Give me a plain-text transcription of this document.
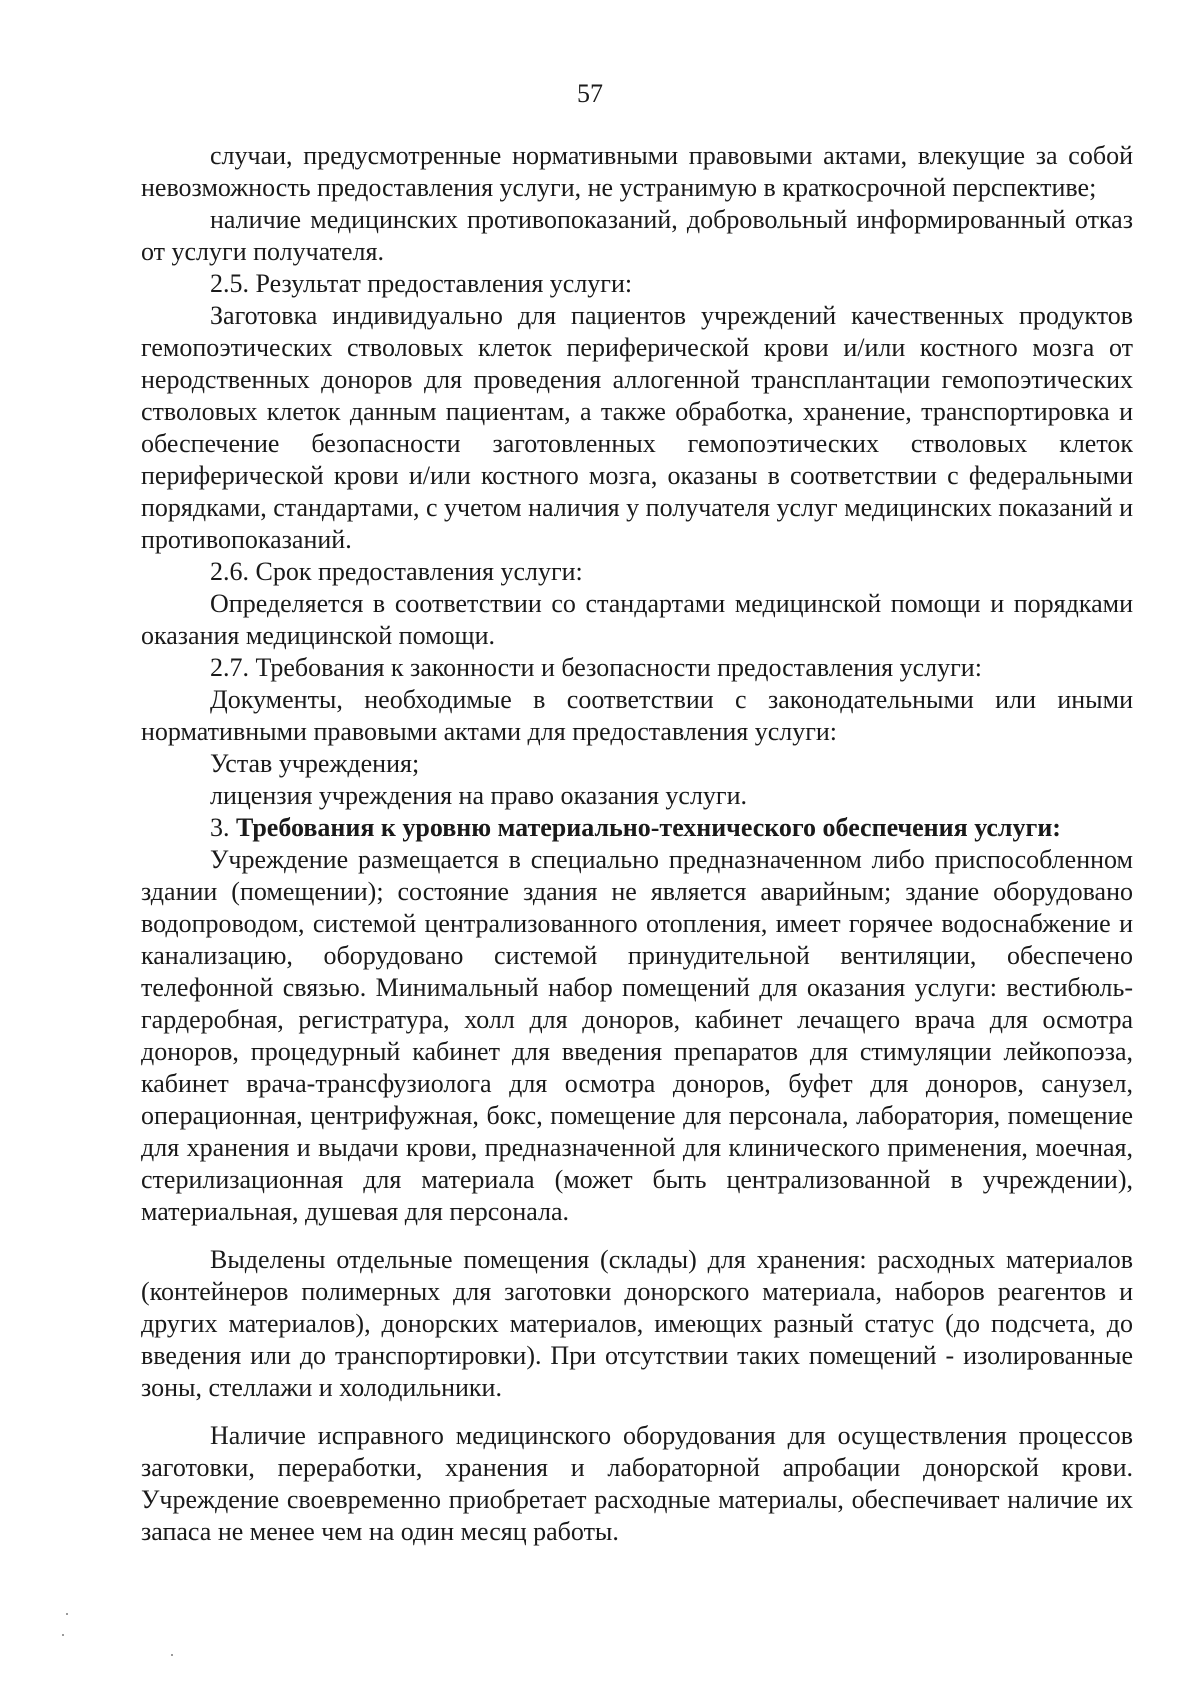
57

случаи, предусмотренные нормативными правовыми актами, влекущие за собой невозможность предоставления услуги, не устранимую в краткосрочной перспективе;

наличие медицинских противопоказаний, добровольный информированный отказ от услуги получателя.

2.5. Результат предоставления услуги:

Заготовка индивидуально для пациентов учреждений качественных продуктов гемопоэтических стволовых клеток периферической крови и/или костного мозга от неродственных доноров для проведения аллогенной трансплантации гемопоэтических стволовых клеток данным пациентам, а также обработка, хранение, транспортировка и обеспечение безопасности заготовленных гемопоэтических стволовых клеток периферической крови и/или костного мозга, оказаны в соответствии с федеральными порядками, стандартами, с учетом наличия у получателя услуг медицинских показаний и противопоказаний.

2.6. Срок предоставления услуги:

Определяется в соответствии со стандартами медицинской помощи и порядками оказания медицинской помощи.

2.7. Требования к законности и безопасности предоставления услуги:

Документы, необходимые в соответствии с законодательными или иными нормативными правовыми актами для предоставления услуги:

Устав учреждения;

лицензия учреждения на право оказания услуги.

3. Требования к уровню материально-технического обеспечения услуги:

Учреждение размещается в специально предназначенном либо приспособленном здании (помещении); состояние здания не является аварийным; здание оборудовано водопроводом, системой централизованного отопления, имеет горячее водоснабжение и канализацию, оборудовано системой принудительной вентиляции, обеспечено телефонной связью. Минимальный набор помещений для оказания услуги: вестибюль-гардеробная, регистратура, холл для доноров, кабинет лечащего врача для осмотра доноров, процедурный кабинет для введения препаратов для стимуляции лейкопоэза, кабинет врача-трансфузиолога для осмотра доноров, буфет для доноров, санузел, операционная, центрифужная, бокс, помещение для персонала, лаборатория, помещение для хранения и выдачи крови, предназначенной для клинического применения, моечная, стерилизационная для материала (может быть централизованной в учреждении), материальная, душевая для персонала.

Выделены отдельные помещения (склады) для хранения: расходных материалов (контейнеров полимерных для заготовки донорского материала, наборов реагентов и других материалов), донорских материалов, имеющих разный статус (до подсчета, до введения или до транспортировки). При отсутствии таких помещений - изолированные зоны, стеллажи и холодильники.

Наличие исправного медицинского оборудования для осуществления процессов заготовки, переработки, хранения и лабораторной апробации донорской крови. Учреждение своевременно приобретает расходные материалы, обеспечивает наличие их запаса не менее чем на один месяц работы.
